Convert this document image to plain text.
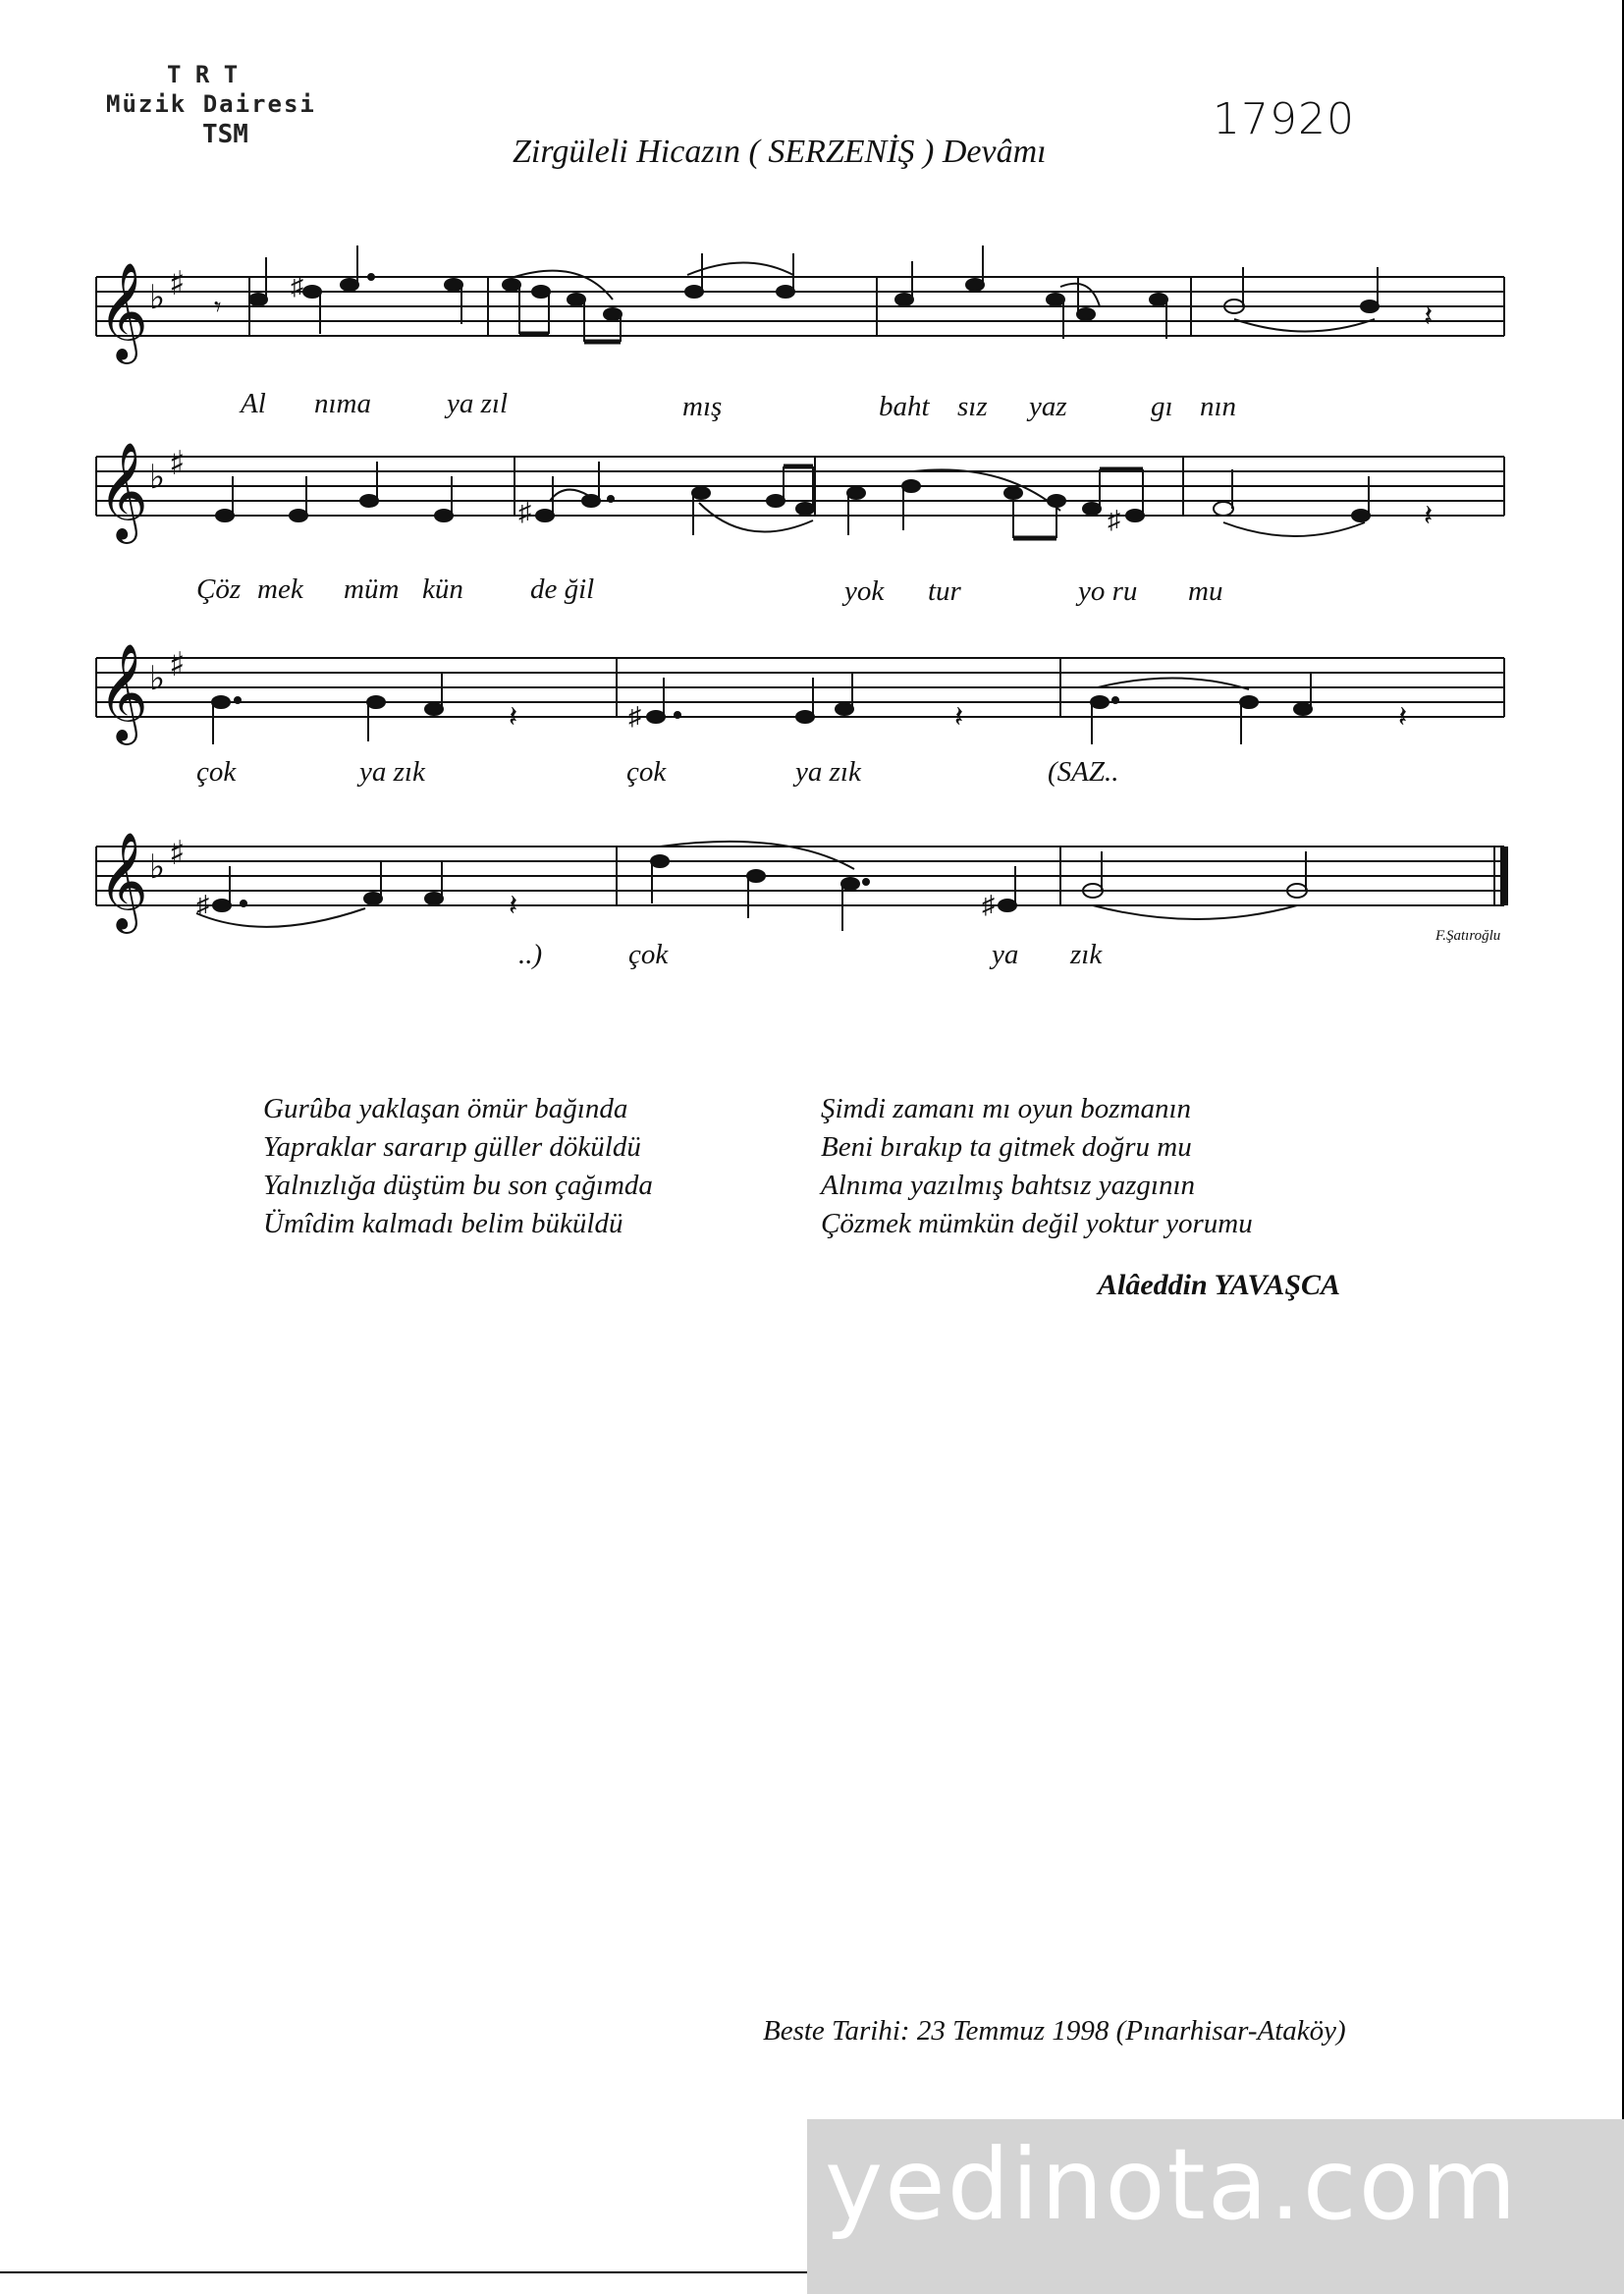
T R T
Müzik Dairesi
TSM	Zirgüleli Hicazın ( SERZENİŞ ) Devâmı
17920
𝄞
𝄞
𝄞
𝄞
♭ ♯
♭ ♯
♭ ♯
♭ ♯
𝄾
♯
𝄽
♯	♯	𝄽
𝄽	♯	𝄽	𝄽
♯	𝄽	♯
Al nıma	ya zıl	mış	baht sız yaz	gı nın
Çöz mek müm kün de ğil	yok tur	yo ru mu
çok	ya zık	çok	ya zık	(SAZ..
..)	çok	ya zık
F.Şatıroğlu
Gurûba yaklaşan ömür bağında
Yapraklar sararıp güller döküldü
Yalnızlığa düştüm bu son çağımda
Ümîdim kalmadı belim büküldü
Şimdi zamanı mı oyun bozmanın
Beni bırakıp ta gitmek doğru mu
Alnıma yazılmış bahtsız yazgının
Çözmek mümkün değil yoktur yorumu
Alâeddin YAVAŞCA
Beste Tarihi: 23 Temmuz 1998 (Pınarhisar-Ataköy)
yedinota.com
